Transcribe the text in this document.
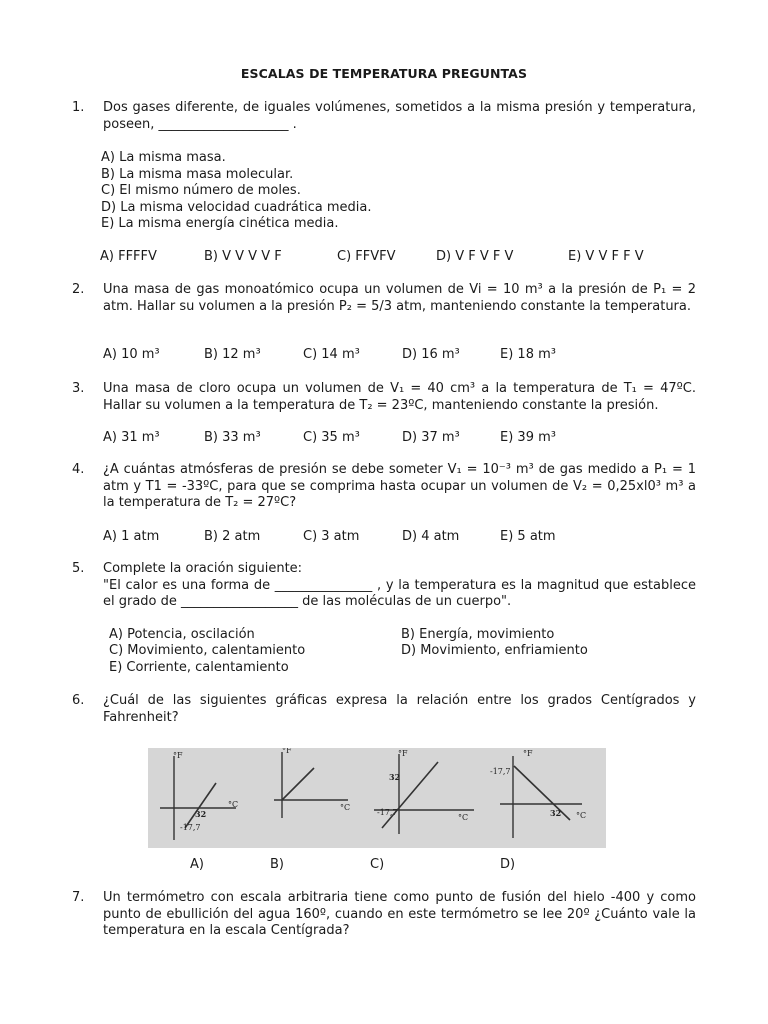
ESCALAS DE TEMPERATURA PREGUNTAS
1.	Dos gases diferente, de iguales volúmenes, sometidos a la misma presión y temperatura, poseen, ____________________ .
A) La misma masa.
B) La misma masa molecular.
C) El mismo número de moles.
D) La misma velocidad cuadrática media.
E) La misma energía cinética media.
A) FFFFV	B) V V V V F	C) FFVFV	D) V F V F V	E) V V F F V
2.	Una masa de gas monoatómico ocupa un volumen de Vi = 10 m³ a la presión de P₁ = 2 atm. Hallar su volumen a la presión P₂ = 5/3 atm, manteniendo constante la temperatura.
A) 10 m³	B) 12 m³	C) 14 m³	D) 16 m³	E) 18 m³
3.	Una masa de cloro ocupa un volumen de V₁ = 40 cm³ a la temperatura de T₁ = 47ºC. Hallar su volumen a la temperatura de T₂ = 23ºC, manteniendo constante la presión.
A) 31 m³	B) 33 m³	C) 35 m³	D) 37 m³	E) 39 m³
4.	¿A cuántas atmósferas de presión se debe someter V₁ = 10⁻³ m³ de gas medido a P₁ = 1 atm y T1 = -33ºC, para que se comprima hasta ocupar un volumen de V₂ = 0,25xl0³ m³ a la temperatura de T₂ = 27ºC?
A) 1 atm	B) 2 atm	C) 3 atm	D) 4 atm	E) 5 atm
5.	Complete la oración siguiente:
"El calor es una forma de _______________ , y la temperatura es la magnitud que establece el grado de __________________ de las moléculas de un cuerpo".
A) Potencia, oscilación	B) Energía, movimiento
C) Movimiento, calentamiento	D) Movimiento, enfriamiento
E) Corriente, calentamiento
6.	¿Cuál de las siguientes gráficas expresa la relación entre los grados Centígrados y Fahrenheit?
°F
°C
32
-17,7
°F
°C
°F
°C
32
-17,7
°F
°C
32
-17,7
A)	B)	C)	D)
7.	Un termómetro con escala arbitraria tiene como punto de fusión del hielo -400 y como punto de ebullición del agua 160º, cuando en este termómetro se lee 20º ¿Cuánto vale la temperatura en la escala Centígrada?
